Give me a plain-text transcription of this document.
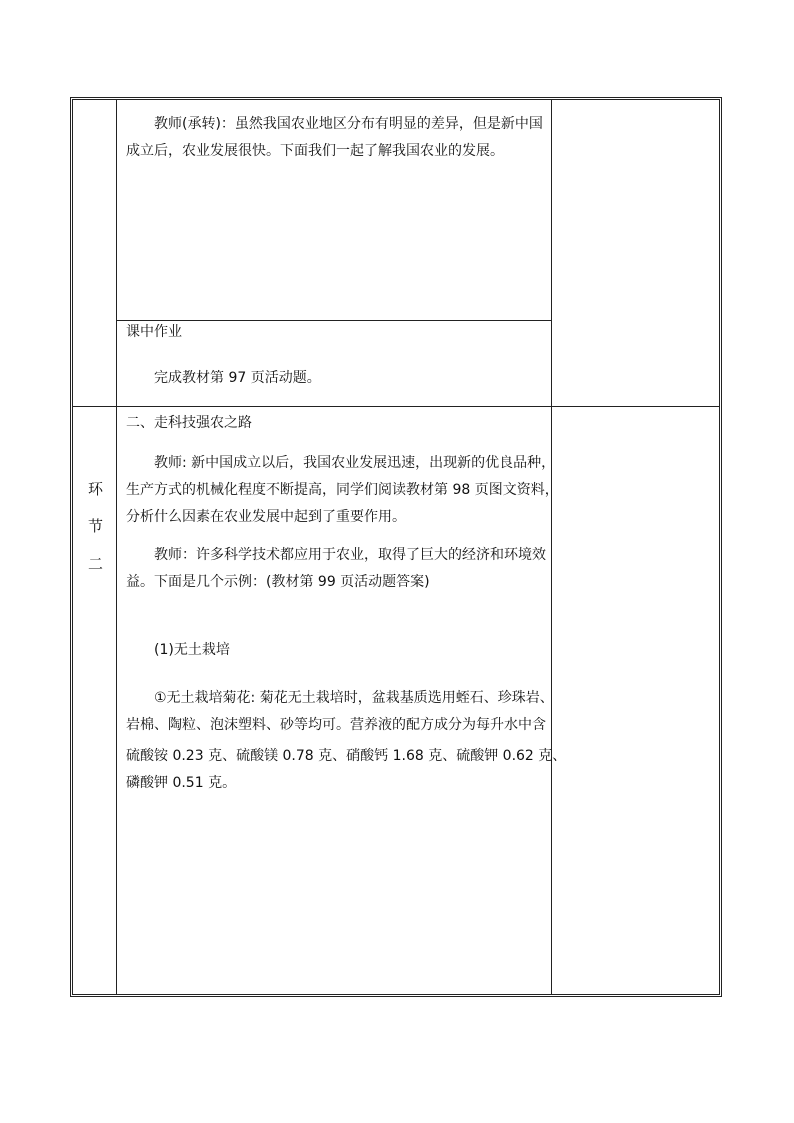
教师(承转)：虽然我国农业地区分布有明显的差异，但是新中国
成立后，农业发展很快。下面我们一起了解我国农业的发展。
课中作业
完成教材第 97 页活动题。
环
节
二
二、走科技强农之路
教师: 新中国成立以后，我国农业发展迅速，出现新的优良品种，
生产方式的机械化程度不断提高，同学们阅读教材第 98 页图文资料，
分析什么因素在农业发展中起到了重要作用。
教师：许多科学技术都应用于农业，取得了巨大的经济和环境效
益。下面是几个示例：(教材第 99 页活动题答案)
(1)无土栽培
①无土栽培菊花: 菊花无土栽培时，盆栽基质选用蛭石、珍珠岩、
岩棉、陶粒、泡沫塑料、砂等均可。营养液的配方成分为每升水中含
硫酸铵 0.23 克、硫酸镁 0.78 克、硝酸钙 1.68 克、硫酸钾 0.62 克、
磷酸钾 0.51 克。
